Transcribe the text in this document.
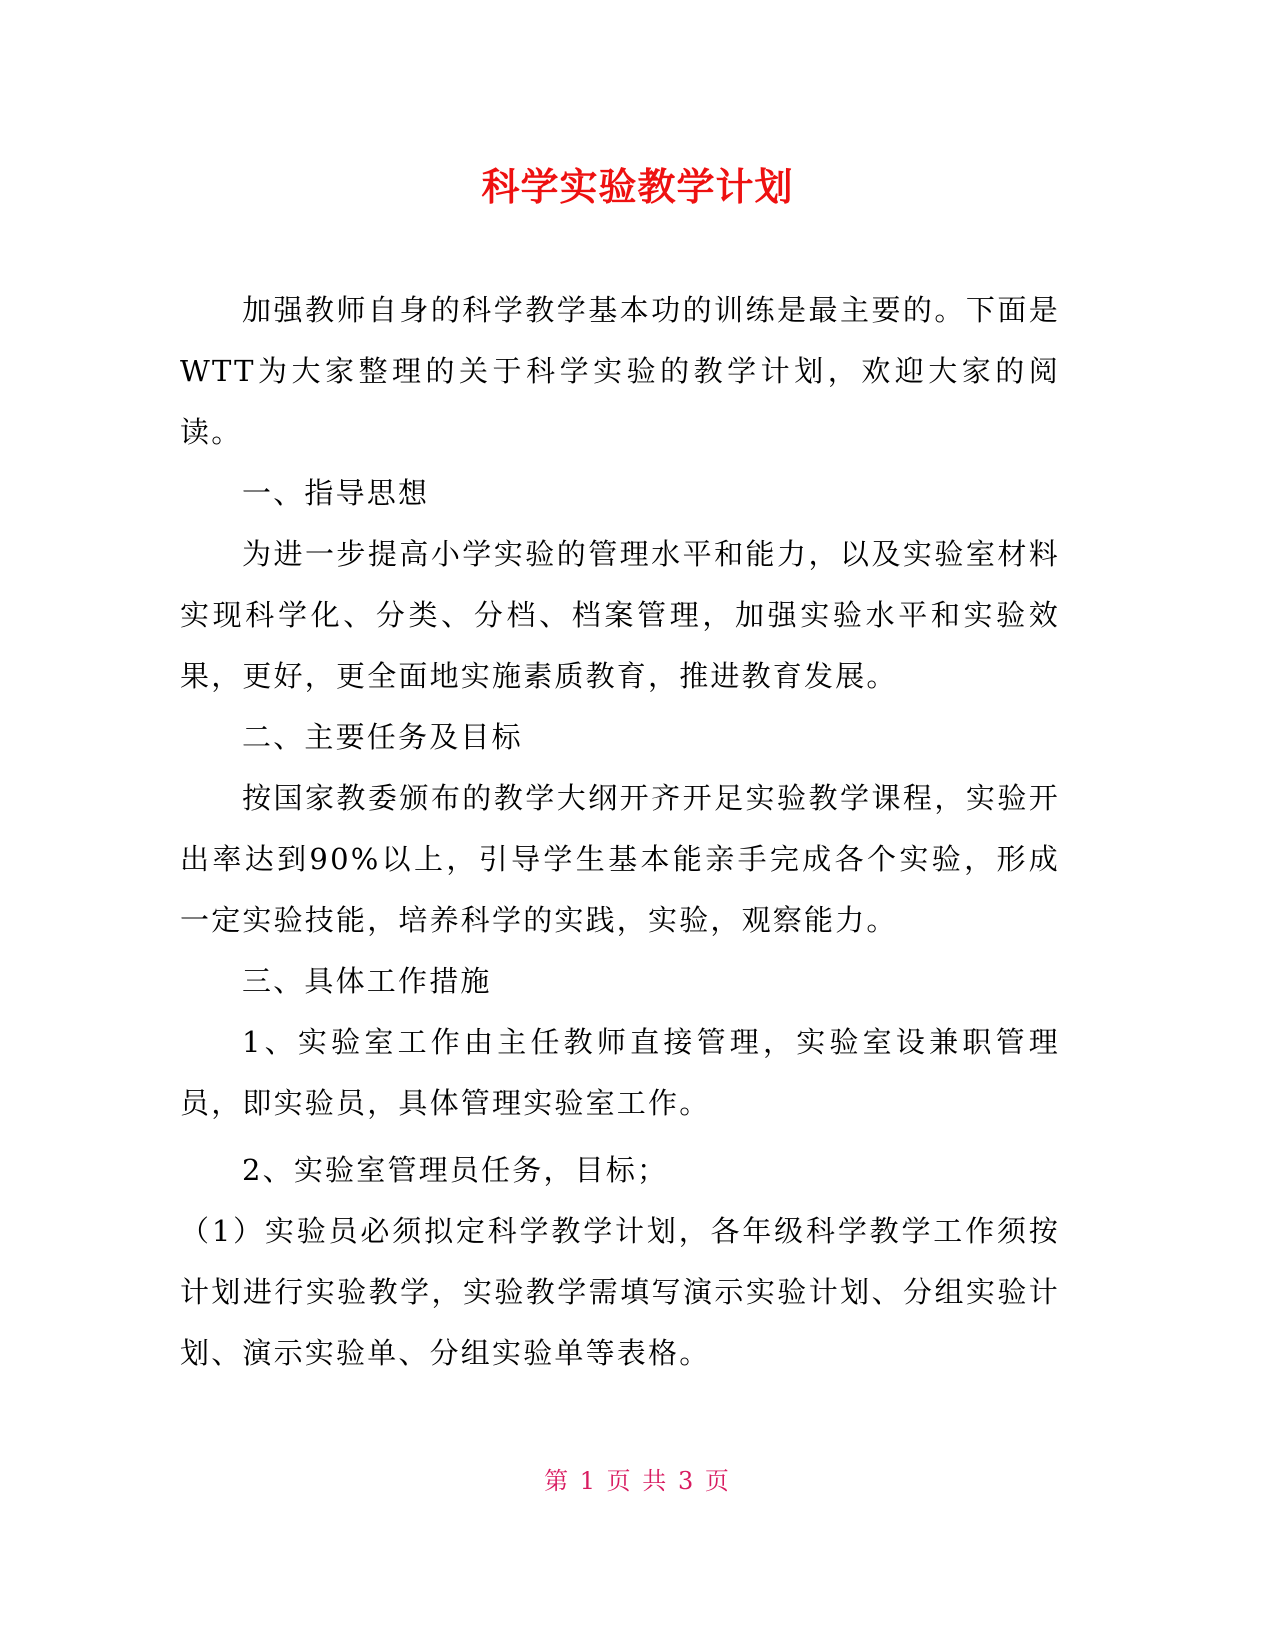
科学实验教学计划

加强教师自身的科学教学基本功的训练是最主要的。下面是WTT为大家整理的关于科学实验的教学计划，欢迎大家的阅读。

一、指导思想

为进一步提高小学实验的管理水平和能力，以及实验室材料实现科学化、分类、分档、档案管理，加强实验水平和实验效果，更好，更全面地实施素质教育，推进教育发展。

二、主要任务及目标

按国家教委颁布的教学大纲开齐开足实验教学课程，实验开出率达到90%以上，引导学生基本能亲手完成各个实验，形成一定实验技能，培养科学的实践，实验，观察能力。

三、具体工作措施

1、实验室工作由主任教师直接管理，实验室设兼职管理员，即实验员，具体管理实验室工作。

2、实验室管理员任务，目标；

（1）实验员必须拟定科学教学计划，各年级科学教学工作须按计划进行实验教学，实验教学需填写演示实验计划、分组实验计划、演示实验单、分组实验单等表格。

第 1 页 共 3 页
